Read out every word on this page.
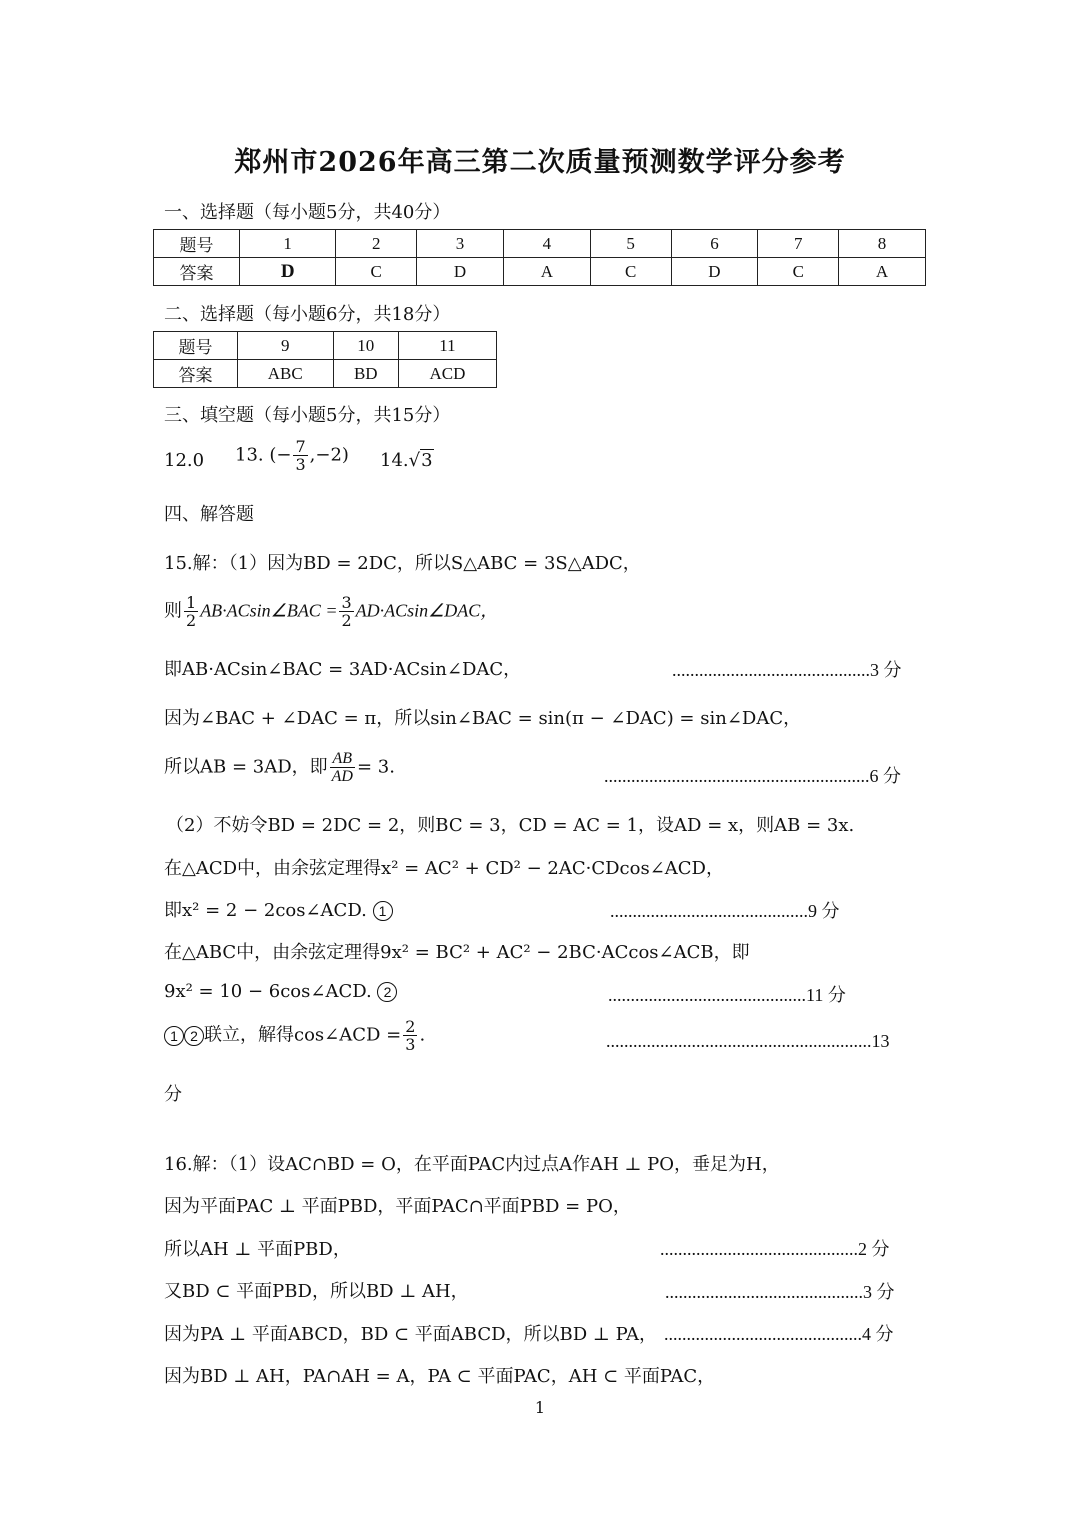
郑州市2026年高三第二次质量预测数学评分参考
一、选择题（每小题5分，共40分）
题号	1	2	3	4	5	6	7	8
答案	D	C	D	A	C	D	C	A
二、选择题（每小题6分，共18分）
题号	9	10	11
答案	ABC	BD	ACD
三、填空题（每小题5分，共15分）
12.0 13. (− $\frac{7}{3} ,-2$) 14.√3
四、解答题
15.解：（1）因为BD = 2DC，所以S△ABC = 3S△ADC，
则 $\frac{1}{2}$ AB·ACsin∠BAC = $\frac{3}{2}$ AD·ACsin∠DAC，
即AB·ACsin∠BAC = 3AD·ACsin∠DAC，	............................................3 分
因为∠BAC + ∠DAC = π，所以sin∠BAC = sin(π − ∠DAC) = sin∠DAC，
所以AB = 3AD，即 $\frac{AB}{AD} = 3$.	...........................................................6 分
（2）不妨令BD = 2DC = 2，则BC = 3，CD = AC = 1，设AD = x，则AB = 3x.
在△ACD中，由余弦定理得x² = AC² + CD² − 2AC·CDcos∠ACD，
即x² = 2 − 2cos∠ACD. 1	............................................9 分
在△ABC中，由余弦定理得9x² = BC² + AC² − 2BC·ACcos∠ACB，即
9x² = 10 − 6cos∠ACD. 2	............................................11 分
1 2 联立，解得cos∠ACD = $\frac{2}{3}$ .	...........................................................13
分
16.解：（1）设AC∩BD = O，在平面PAC内过点A作AH ⊥ PO，垂足为H，
因为平面PAC ⊥ 平面PBD，平面PAC∩平面PBD = PO，
所以AH ⊥ 平面PBD，	............................................2 分
又BD ⊂ 平面PBD，所以BD ⊥ AH，	............................................3 分
因为PA ⊥ 平面ABCD，BD ⊂ 平面ABCD，所以BD ⊥ PA， ............................................4 分
因为BD ⊥ AH，PA∩AH = A，PA ⊂ 平面PAC，AH ⊂ 平面PAC，
1
